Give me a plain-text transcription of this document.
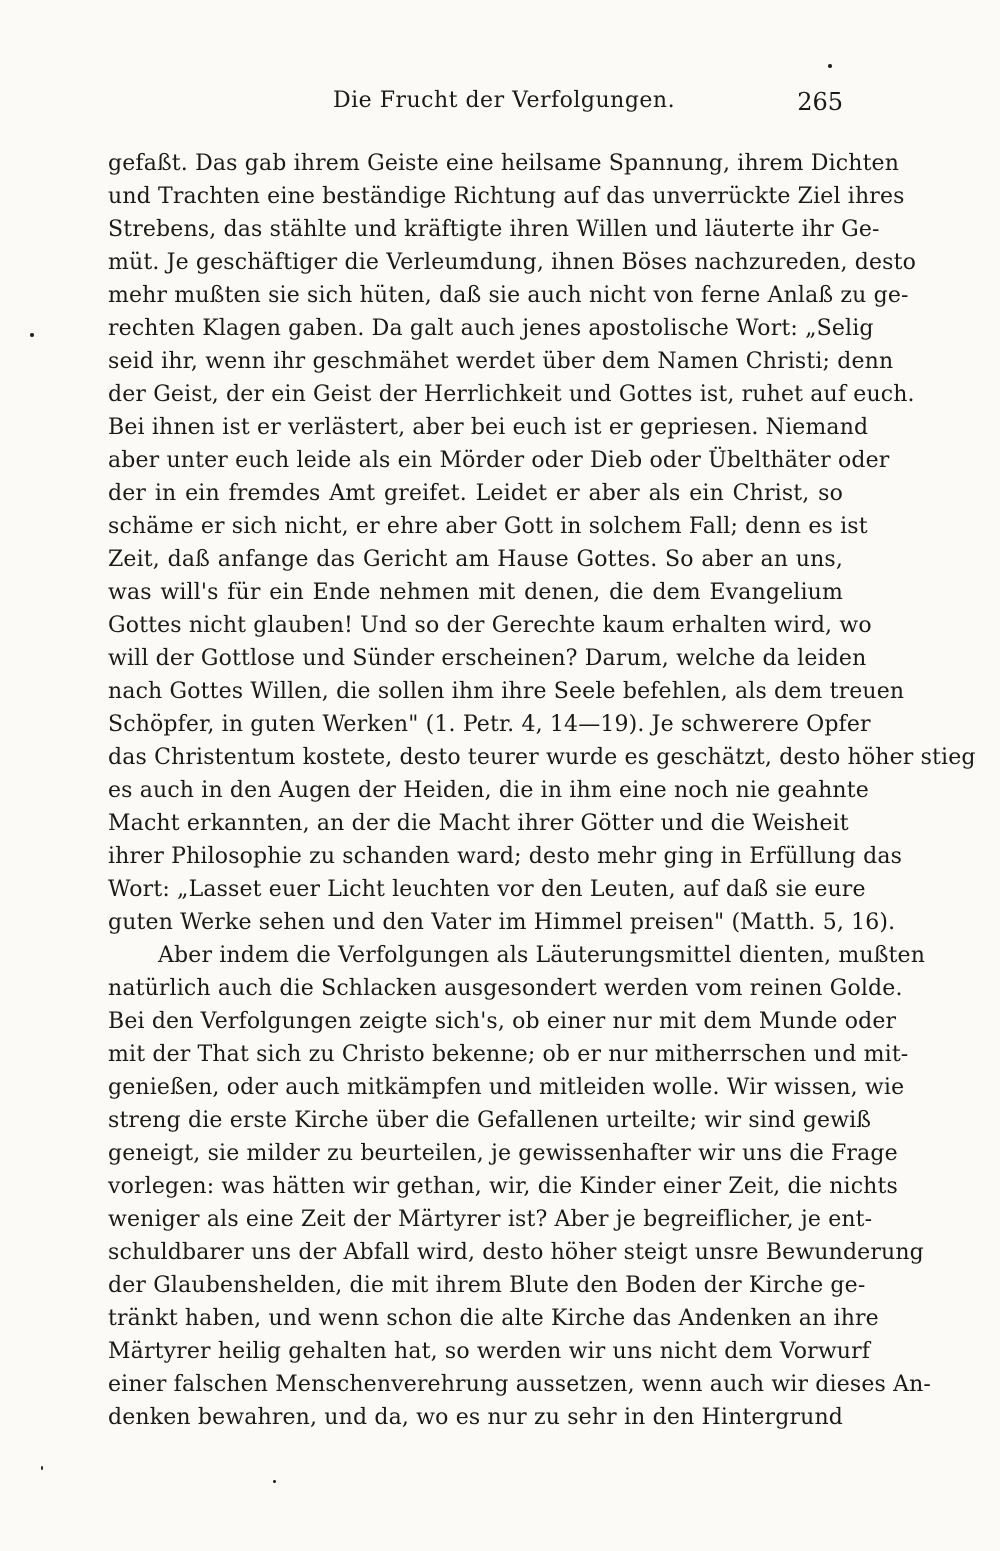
Die Frucht der Verfolgungen.	265
gefaßt. Das gab ihrem Geiste eine heilsame Spannung, ihrem Dichten
und Trachten eine beständige Richtung auf das unverrückte Ziel ihres
Strebens, das stählte und kräftigte ihren Willen und läuterte ihr Ge-
müt. Je geschäftiger die Verleumdung, ihnen Böses nachzureden, desto
mehr mußten sie sich hüten, daß sie auch nicht von ferne Anlaß zu ge-
rechten Klagen gaben. Da galt auch jenes apostolische Wort: „Selig
seid ihr, wenn ihr geschmähet werdet über dem Namen Christi; denn
der Geist, der ein Geist der Herrlichkeit und Gottes ist, ruhet auf euch.
Bei ihnen ist er verlästert, aber bei euch ist er gepriesen. Niemand
aber unter euch leide als ein Mörder oder Dieb oder Übelthäter oder
der in ein fremdes Amt greifet. Leidet er aber als ein Christ, so
schäme er sich nicht, er ehre aber Gott in solchem Fall; denn es ist
Zeit, daß anfange das Gericht am Hause Gottes. So aber an uns,
was will's für ein Ende nehmen mit denen, die dem Evangelium
Gottes nicht glauben! Und so der Gerechte kaum erhalten wird, wo
will der Gottlose und Sünder erscheinen? Darum, welche da leiden
nach Gottes Willen, die sollen ihm ihre Seele befehlen, als dem treuen
Schöpfer, in guten Werken" (1. Petr. 4, 14—19). Je schwerere Opfer
das Christentum kostete, desto teurer wurde es geschätzt, desto höher stieg
es auch in den Augen der Heiden, die in ihm eine noch nie geahnte
Macht erkannten, an der die Macht ihrer Götter und die Weisheit
ihrer Philosophie zu schanden ward; desto mehr ging in Erfüllung das
Wort: „Lasset euer Licht leuchten vor den Leuten, auf daß sie eure
guten Werke sehen und den Vater im Himmel preisen" (Matth. 5, 16).
Aber indem die Verfolgungen als Läuterungsmittel dienten, mußten
natürlich auch die Schlacken ausgesondert werden vom reinen Golde.
Bei den Verfolgungen zeigte sich's, ob einer nur mit dem Munde oder
mit der That sich zu Christo bekenne; ob er nur mitherrschen und mit-
genießen, oder auch mitkämpfen und mitleiden wolle. Wir wissen, wie
streng die erste Kirche über die Gefallenen urteilte; wir sind gewiß
geneigt, sie milder zu beurteilen, je gewissenhafter wir uns die Frage
vorlegen: was hätten wir gethan, wir, die Kinder einer Zeit, die nichts
weniger als eine Zeit der Märtyrer ist? Aber je begreiflicher, je ent-
schuldbarer uns der Abfall wird, desto höher steigt unsre Bewunderung
der Glaubenshelden, die mit ihrem Blute den Boden der Kirche ge-
tränkt haben, und wenn schon die alte Kirche das Andenken an ihre
Märtyrer heilig gehalten hat, so werden wir uns nicht dem Vorwurf
einer falschen Menschenverehrung aussetzen, wenn auch wir dieses An-
denken bewahren, und da, wo es nur zu sehr in den Hintergrund
